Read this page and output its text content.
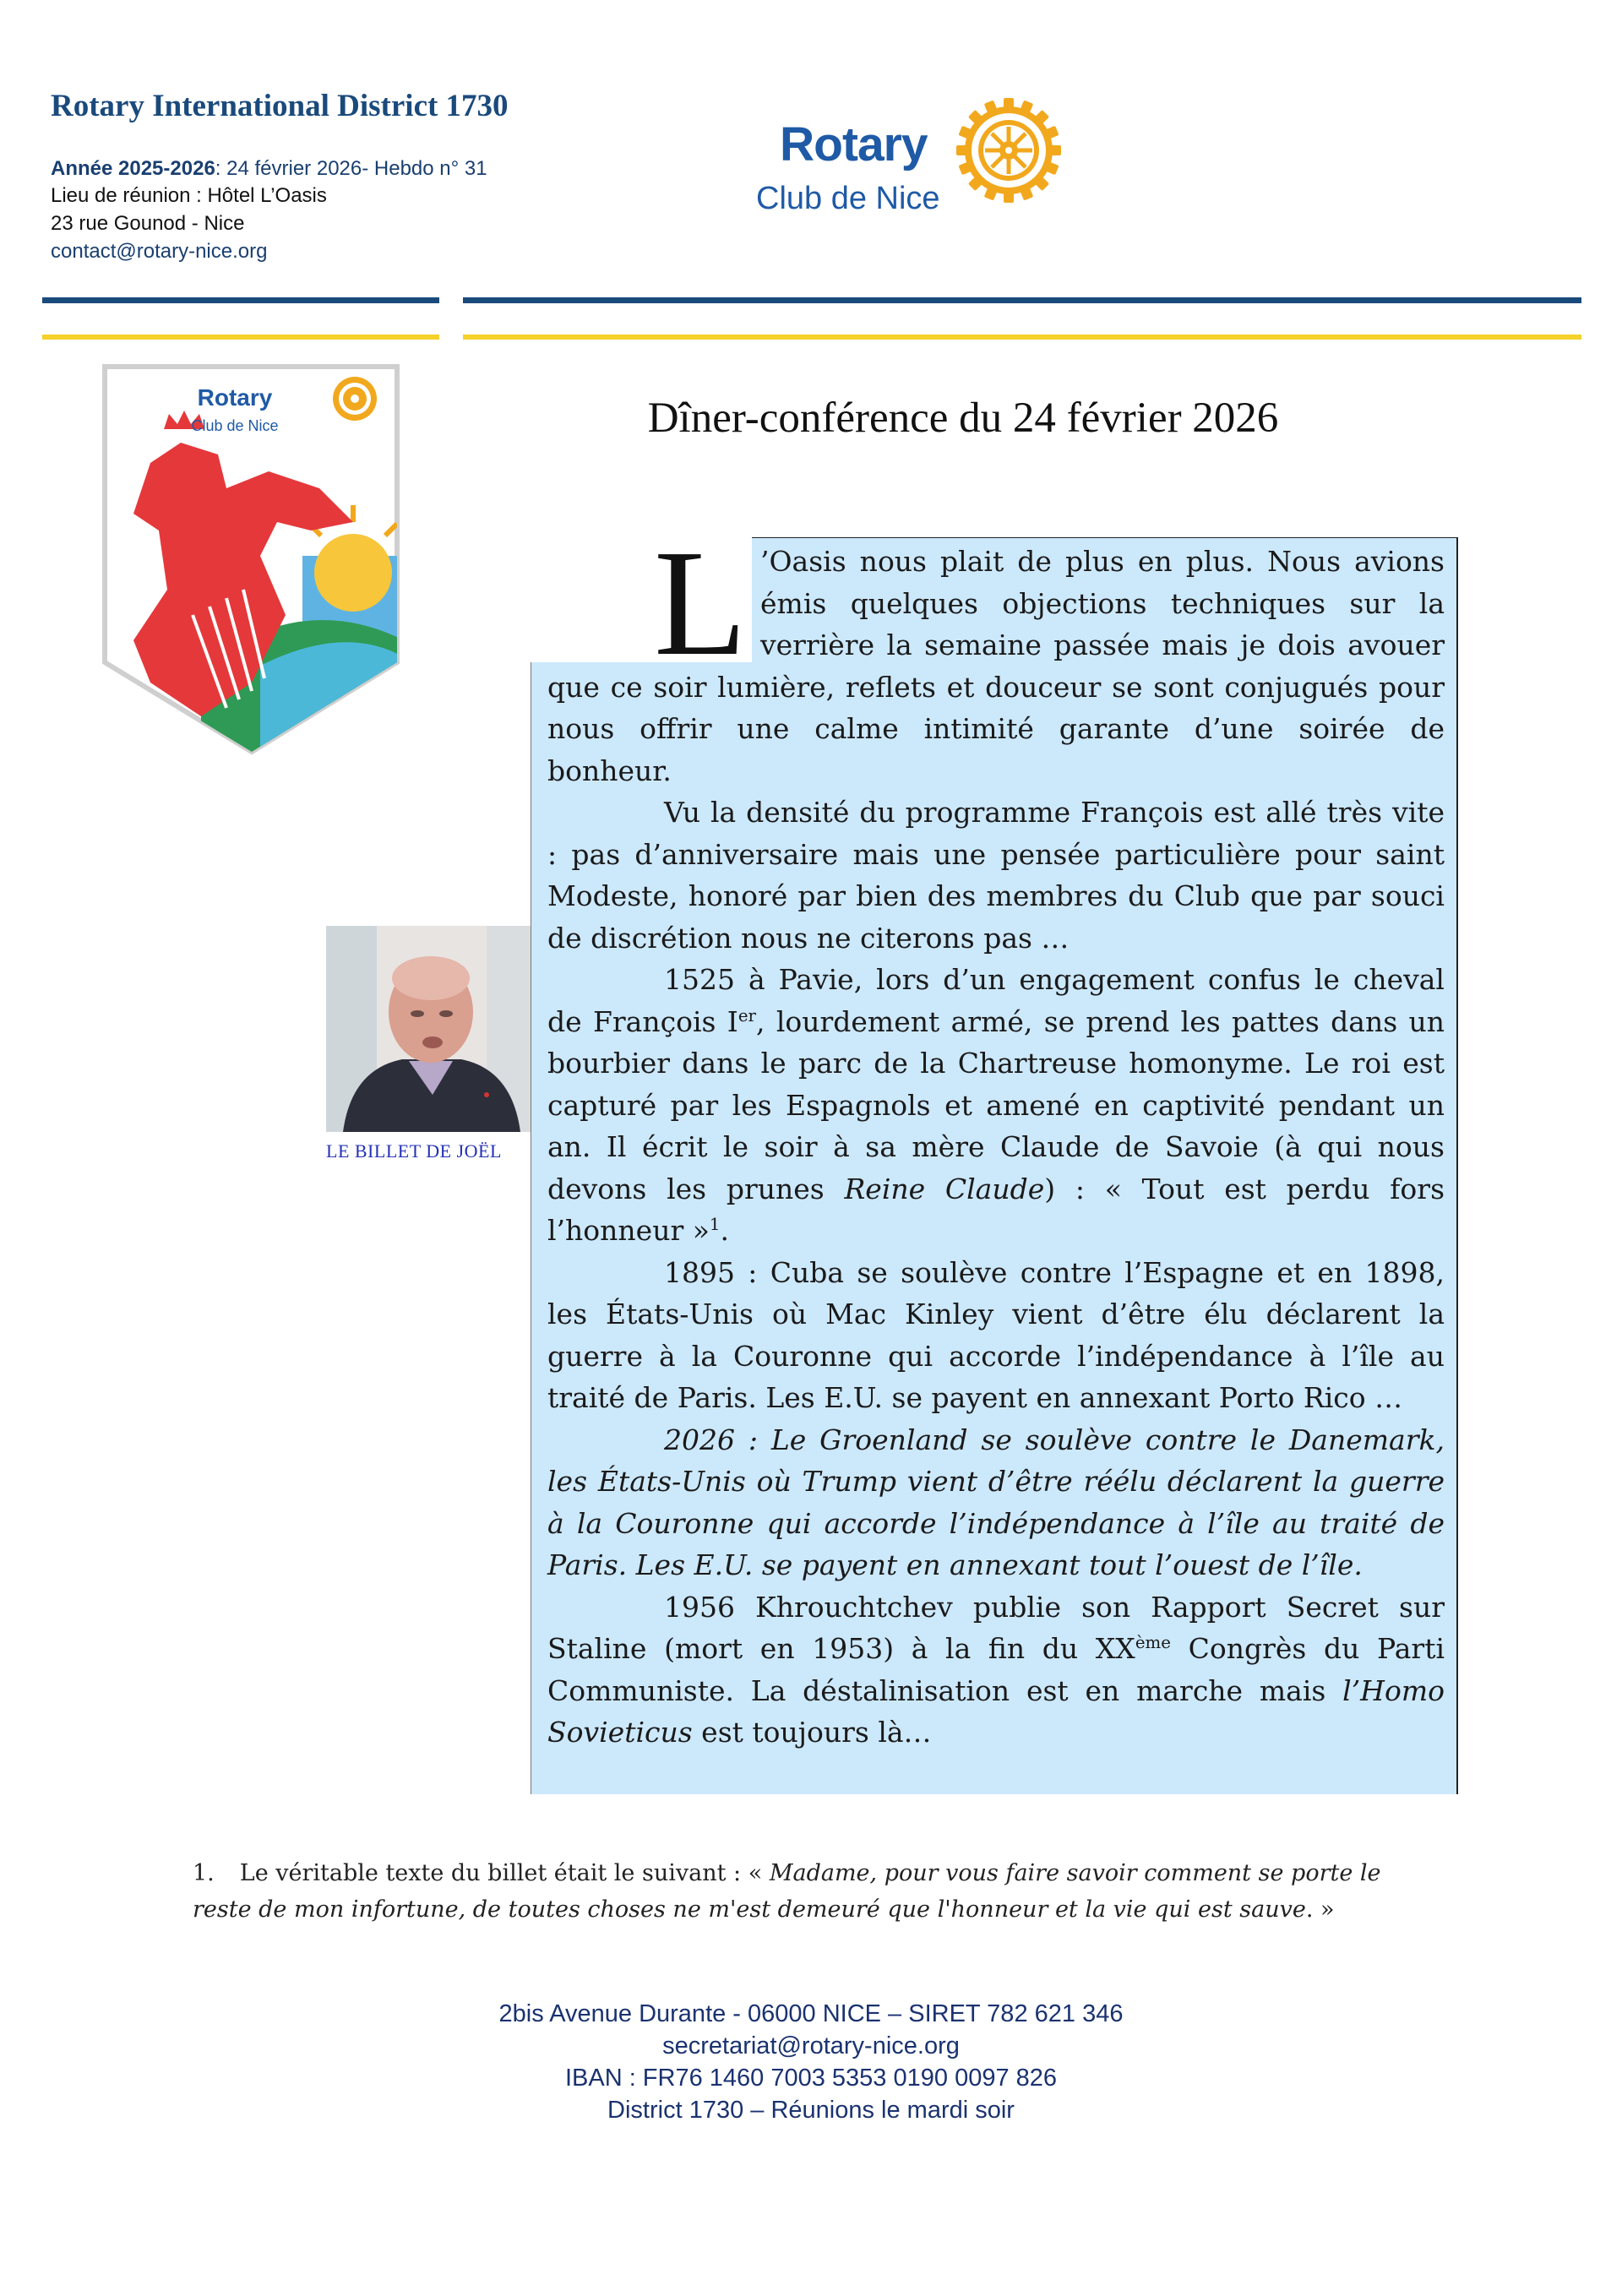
Rotary International District 1730
Année 2025-2026: 24 février 2026- Hebdo n° 31
Lieu de réunion : Hôtel L’Oasis
23 rue Gounod - Nice
contact@rotary-nice.org
Rotary
Club de Nice
Rotary
Club de Nice	Dîner-conférence du 24 février 2026

L ’Oasis nous plait de plus en plus. Nous avions émis quelques objections techniques sur la verrière la semaine passée mais je dois avouer que ce soir lumière, reflets et douceur se sont conjugués pour nous offrir une calme intimité garante d’une soirée de bonheur.

Vu la densité du programme François est allé très vite : pas d’anniversaire mais une pensée particulière pour saint Modeste, honoré par bien des membres du Club que par souci de discrétion nous ne citerons pas …

1525 à Pavie, lors d’un engagement confus le cheval de François Ier, lourdement armé, se prend les pattes dans un bourbier dans le parc de la Chartreuse homonyme. Le roi est capturé par les Espagnols et amené en captivité pendant un an. Il écrit le soir à sa mère Claude de Savoie (à qui nous devons les prunes Reine Claude) : « Tout est perdu fors l’honneur »$^1$.

1895 : Cuba se soulève contre l’Espagne et en 1898, les États-Unis où Mac Kinley vient d’être élu déclarent la guerre à la Couronne qui accorde l’indépendance à l’île au traité de Paris. Les E.U. se payent en annexant Porto Rico …

2026 : Le Groenland se soulève contre le Danemark, les États-Unis où Trump vient d’être réélu déclarent la guerre à la Couronne qui accorde l’indépendance à l’île au traité de Paris. Les E.U. se payent en annexant tout l’ouest de l’île.

1956 Khrouchtchev publie son Rapport Secret sur Staline (mort en 1953) à la fin du XXème Congrès du Parti Communiste. La déstalinisation est en marche mais l’Homo Sovieticus est toujours là…

LE BILLET DE JOËL
1. Le véritable texte du billet était le suivant : « Madame, pour vous faire savoir comment se porte le reste de mon infortune, de toutes choses ne m'est demeuré que l'honneur et la vie qui est sauve. »
2bis Avenue Durante - 06000 NICE – SIRET 782 621 346
secretariat@rotary-nice.org
IBAN : FR76 1460 7003 5353 0190 0097 826
District 1730 – Réunions le mardi soir
